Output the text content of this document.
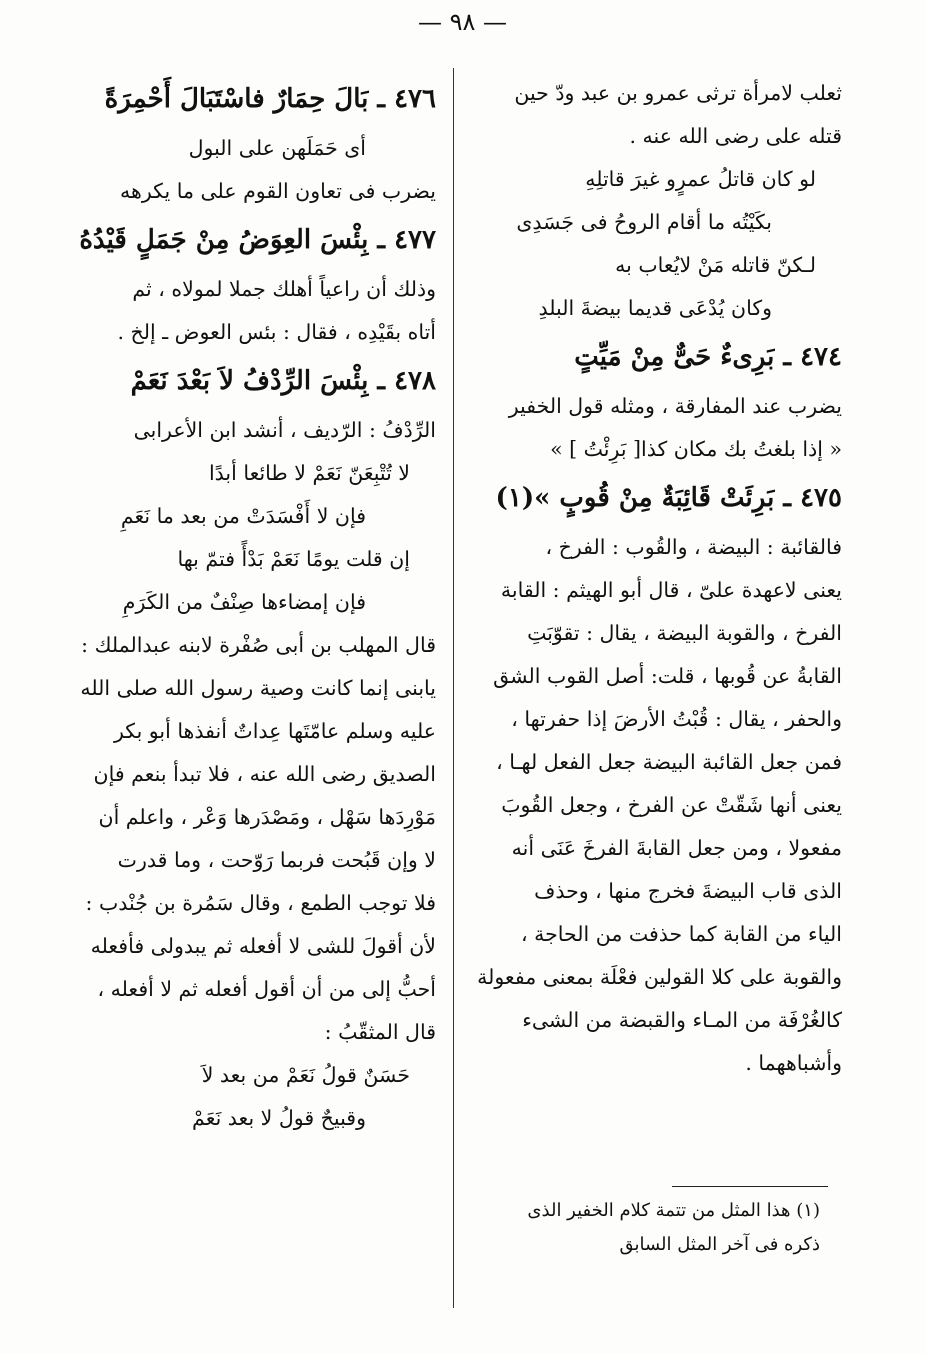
— ٩٨ —
ثعلب لامرأة ترثى عمرو بن عبد ودّ حين
قتله على رضى الله عنه .
لو كان قاتلُ عمرٍو غيرَ قاتلِهِ
بكَيْتُه ما أقام الروحُ فى جَسَدِى
لـكنّ قاتله مَنْ لايُعاب به
وكان يُدْعَى قديما بيضةَ البلدِ
٤٧٤ ـ بَرِىءٌ حَىٌّ مِنْ مَيِّتٍ
يضرب عند المفارقة ، ومثله قول الخفير
« إذا بلغتُ بك مكان كذا[ بَرِئْتُ ] »
٤٧٥ ـ بَرِئَتْ قَائِبَةٌ مِنْ قُوبٍ »(١)
فالقائبة : البيضة ، والقُوب : الفرخ ،
يعنى لاعهدة علىّ ، قال أبو الهيثم : القابة
الفرخ ، والقوبة البيضة ، يقال : تقوّبَتِ
القابةُ عن قُوبها ، قلت: أصل القوب الشق
والحفر ، يقال : قُبْتُ الأرضَ إذا حفرتها ،
فمن جعل القائبة البيضة جعل الفعل لهـا ،
يعنى أنها شَقّتْ عن الفرخ ، وجعل القُوبَ
مفعولا ، ومن جعل القابةَ الفرخَ عَنَى أنه
الذى قاب البيضةَ فخرج منها ، وحذف
الياء من القابة كما حذفت من الحاجة ،
والقوبة على كلا القولين فعْلَة بمعنى مفعولة
كالغُرْفَة من المـاء والقبضة من الشىء
وأشباههما .
٤٧٦ ـ بَالَ حِمَارٌ فاسْتَبَالَ أَحْمِرَةً
أى حَمَلَهن على البول
يضرب فى تعاون القوم على ما يكرهه
٤٧٧ ـ بِئْسَ العِوَضُ مِنْ جَمَلٍ قَيْدُهُ
وذلك أن راعياً أهلك جملا لمولاه ، ثم
أتاه بقَيْدِه ، فقال : بئس العوض ـ إلخ .
٤٧٨ ـ بِئْسَ الرِّدْفُ لاَ بَعْدَ نَعَمْ
الرِّدْفُ : الرّديف ، أنشد ابن الأعرابى
لا تُتْبِعَنّ نَعَمْ لا طائعا أبدًا
فإن لا أَفْسَدَتْ من بعد ما نَعَمِ
إن قلت يومًا نَعَمْ بَدْأً فتمّ بها
فإن إمضاءها صِنْفٌ من الكَرَمِ
قال المهلب بن أبى صُفْرة لابنه عبدالملك :
يابنى إنما كانت وصية رسول الله صلى الله
عليه وسلم عامّتَها عِداتٌ أنفذها أبو بكر
الصديق رضى الله عنه ، فلا تبدأ بنعم فإن
مَوْرِدَها سَهْل ، ومَصْدَرها وَعْر ، واعلم أن
لا وإن قَبُحت فربما رَوّحت ، وما قدرت
فلا توجب الطمع ، وقال سَمُرة بن جُنْدب :
لأن أقولَ للشى لا أفعله ثم يبدولى فأفعله
أحبُّ إلى من أن أقول أفعله ثم لا أفعله ،
قال المثقّبُ :
حَسَنٌ قولُ نَعَمْ من بعد لاَ
وقبيحٌ قولُ لا بعد نَعَمْ
(١) هذا المثل من تتمة كلام الخفير الذى
ذكره فى آخر المثل السابق
